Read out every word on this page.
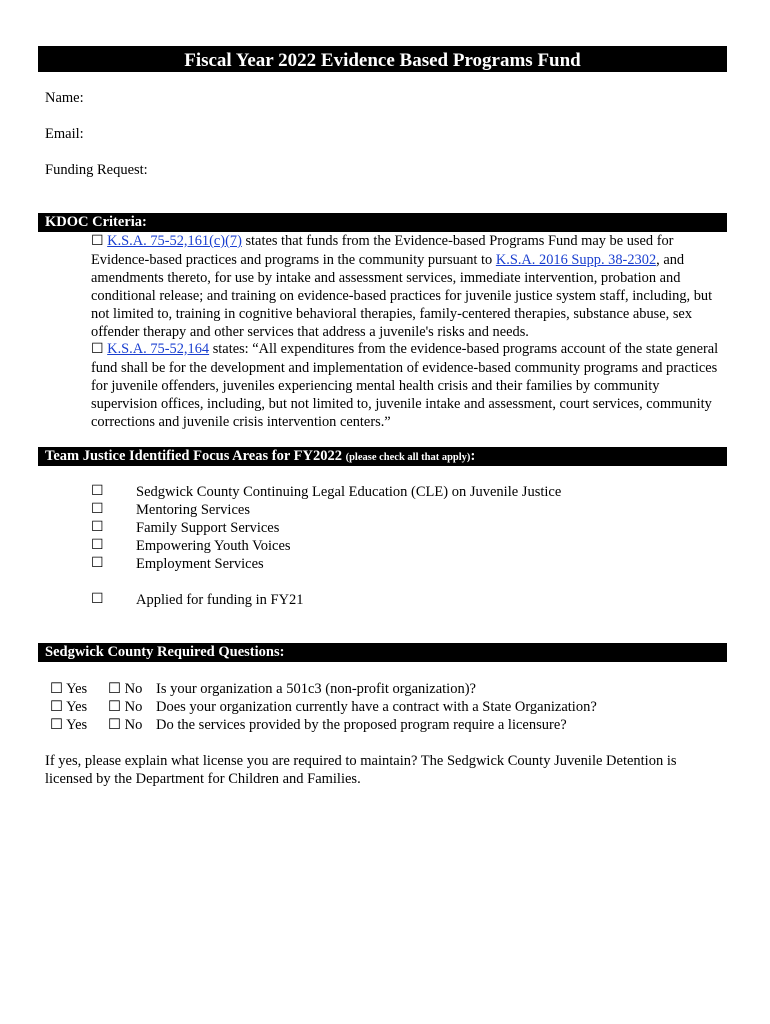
Fiscal Year 2022 Evidence Based Programs Fund
Name:
Email:
Funding Request:
KDOC Criteria:
☐ K.S.A. 75-52,161(c)(7) states that funds from the Evidence-based Programs Fund may be used for Evidence-based practices and programs in the community pursuant to K.S.A. 2016 Supp. 38-2302, and amendments thereto, for use by intake and assessment services, immediate intervention, probation and conditional release; and training on evidence-based practices for juvenile justice system staff, including, but not limited to, training in cognitive behavioral therapies, family-centered therapies, substance abuse, sex offender therapy and other services that address a juvenile's risks and needs.
☐ K.S.A. 75-52,164 states: “All expenditures from the evidence-based programs account of the state general fund shall be for the development and implementation of evidence-based community programs and practices for juvenile offenders, juveniles experiencing mental health crisis and their families by community supervision offices, including, but not limited to, juvenile intake and assessment, court services, community corrections and juvenile crisis intervention centers.”
Team Justice Identified Focus Areas for FY2022 (please check all that apply):
☐ Sedgwick County Continuing Legal Education (CLE) on Juvenile Justice
☐ Mentoring Services
☐ Family Support Services
☐ Empowering Youth Voices
☐ Employment Services
☐ Applied for funding in FY21
Sedgwick County Required Questions:
☐ Yes ☐ No Is your organization a 501c3 (non-profit organization)?
☐ Yes ☐ No Does your organization currently have a contract with a State Organization?
☐ Yes ☐ No Do the services provided by the proposed program require a licensure?
If yes, please explain what license you are required to maintain? The Sedgwick County Juvenile Detention is licensed by the Department for Children and Families.
